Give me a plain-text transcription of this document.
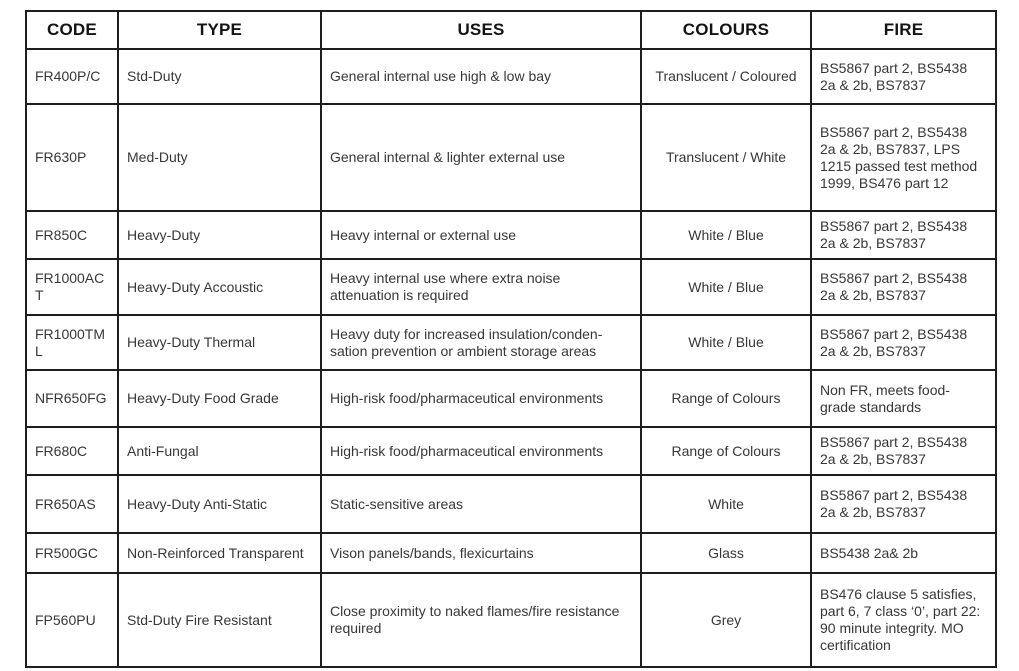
CODE	TYPE	USES	COLOURS	FIRE
FR400P/C	Std-Duty	General internal use high & low bay	Translucent / Coloured	BS5867 part 2, BS5438 2a & 2b, BS7837
FR630P	Med-Duty	General internal & lighter external use	Translucent / White	BS5867 part 2, BS5438 2a & 2b, BS7837, LPS 1215 passed test method 1999, BS476 part 12
FR850C	Heavy-Duty	Heavy internal or external use	White / Blue	BS5867 part 2, BS5438 2a & 2b, BS7837
FR1000ACT	Heavy-Duty Accoustic	Heavy internal use where extra noise attenuation is required	White / Blue	BS5867 part 2, BS5438 2a & 2b, BS7837
FR1000TML	Heavy-Duty Thermal	Heavy duty for increased insulation/condensation prevention or ambient storage areas	White / Blue	BS5867 part 2, BS5438 2a & 2b, BS7837
NFR650FG	Heavy-Duty Food Grade	High-risk food/pharmaceutical environments	Range of Colours	Non FR, meets food-grade standards
FR680C	Anti-Fungal	High-risk food/pharmaceutical environments	Range of Colours	BS5867 part 2, BS5438 2a & 2b, BS7837
FR650AS	Heavy-Duty Anti-Static	Static-sensitive areas	White	BS5867 part 2, BS5438 2a & 2b, BS7837
FR500GC	Non-Reinforced Transparent	Vison panels/bands, flexicurtains	Glass	BS5438 2a& 2b
FP560PU	Std-Duty Fire Resistant	Close proximity to naked flames/fire resistance required	Grey	BS476 clause 5 satisfies, part 6, 7 class ‘0’, part 22: 90 minute integrity. MO certification
